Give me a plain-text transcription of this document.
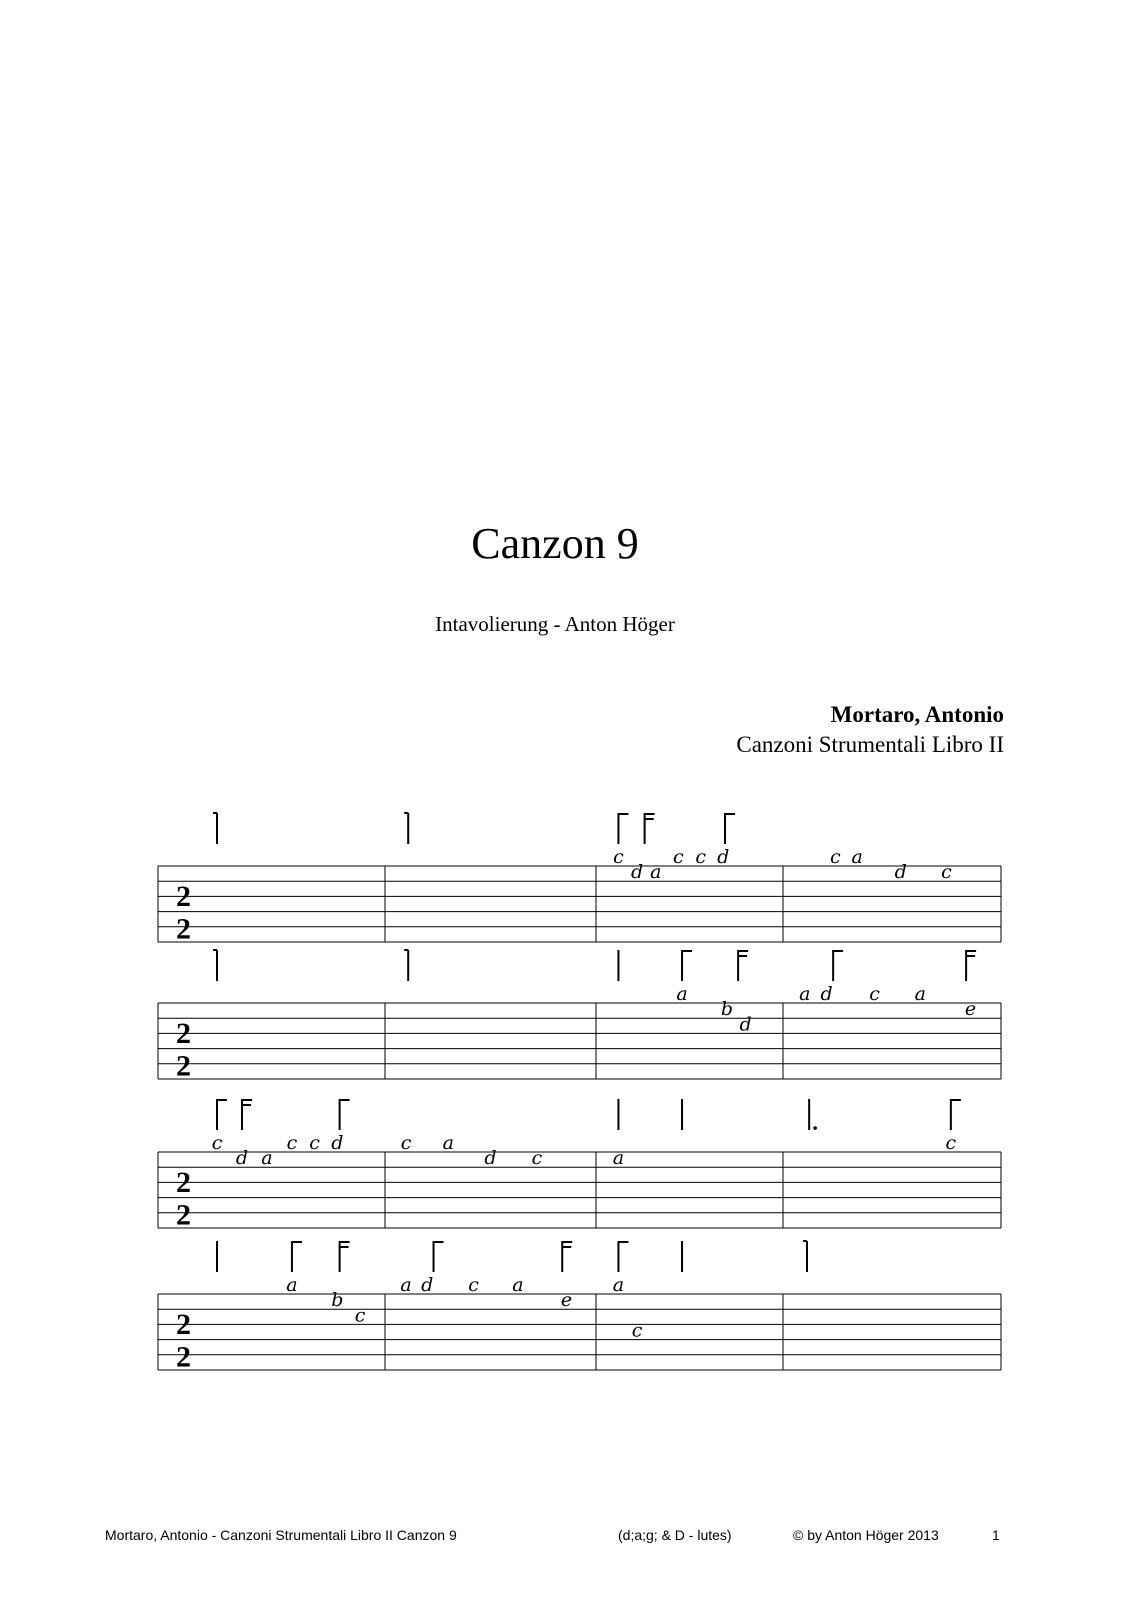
Canzon 9
Intavolierung - Anton Höger
Mortaro, Antonio
Canzoni Strumentali Libro II
2
2
c
d a
c c d	c a
d c
2
2
a
b
d
a d c a
e
2
2
c
d a
c c d	c a
d c	a
c
2
2
a
b
c
a d c a
e
a
c
Mortaro, Antonio - Canzoni Strumentali Libro II Canzon 9	(d;a;g; & D - lutes)	© by Anton Höger 2013	1
